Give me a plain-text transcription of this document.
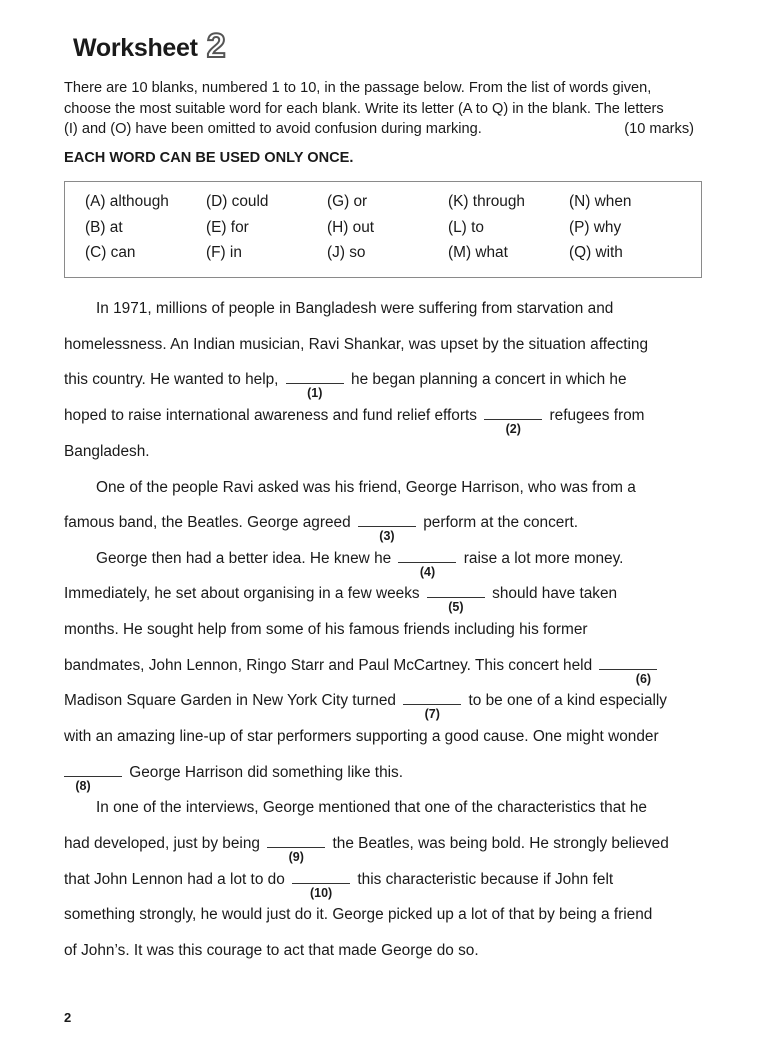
Worksheet 2

There are 10 blanks, numbered 1 to 10, in the passage below. From the list of words given,

choose the most suitable word for each blank. Write its letter (A to Q) in the blank. The letters

(I) and (O) have been omitted to avoid confusion during marking.	(10 marks)

EACH WORD CAN BE USED ONLY ONCE.
(A) although
(B) at
(C) can
(D) could
(E) for
(F) in
(G) or
(H) out
(J) so
(K) through
(L) to
(M) what
(N) when
(P) why
(Q) with
In 1971, millions of people in Bangladesh were suffering from starvation and
homelessness. An Indian musician, Ravi Shankar, was upset by the situation affecting
this country. He wanted to help,
(1)
he began planning a concert in which he
hoped to raise international awareness and fund relief efforts
(2)
refugees from
Bangladesh.
One of the people Ravi asked was his friend, George Harrison, who was from a
famous band, the Beatles. George agreed
(3)
perform at the concert.
George then had a better idea. He knew he
(4)
raise a lot more money.
Immediately, he set about organising in a few weeks
(5)
should have taken
months. He sought help from some of his famous friends including his former
bandmates, John Lennon, Ringo Starr and Paul McCartney. This concert held
(6)
Madison Square Garden in New York City turned
(7)
to be one of a kind especially
with an amazing line-up of star performers supporting a good cause. One might wonder
(8)
George Harrison did something like this.
In one of the interviews, George mentioned that one of the characteristics that he
had developed, just by being
(9)
the Beatles, was being bold. He strongly believed
that John Lennon had a lot to do
(10)
this characteristic because if John felt
something strongly, he would just do it. George picked up a lot of that by being a friend
of John’s. It was this courage to act that made George do so.
2
